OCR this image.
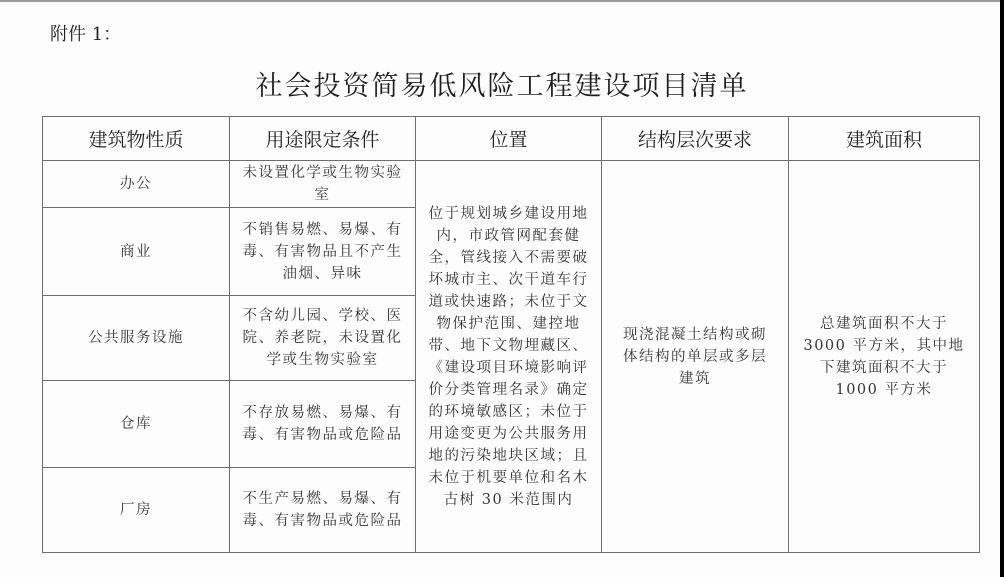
附件 1：
社会投资简易低风险工程建设项目清单
建筑物性质	用途限定条件	位置	结构层次要求	建筑面积
办公	未设置化学或生物实验室	位于规划城乡建设用地内，市政管网配套健全，管线接入不需要破坏城市主、次干道车行道或快速路；未位于文物保护范围、建控地带、地下文物埋藏区、《建设项目环境影响评价分类管理名录》确定的环境敏感区；未位于用途变更为公共服务用地的污染地块区域；且未位于机要单位和名木古树 30 米范围内	现浇混凝土结构或砌体结构的单层或多层建筑	总建筑面积不大于 3000 平方米，其中地下建筑面积不大于 1000 平方米
商业	不销售易燃、易爆、有毒、有害物品且不产生油烟、异味			
公共服务设施	不含幼儿园、学校、医院、养老院，未设置化学或生物实验室			
仓库	不存放易燃、易爆、有毒、有害物品或危险品			
厂房	不生产易燃、易爆、有毒、有害物品或危险品			
